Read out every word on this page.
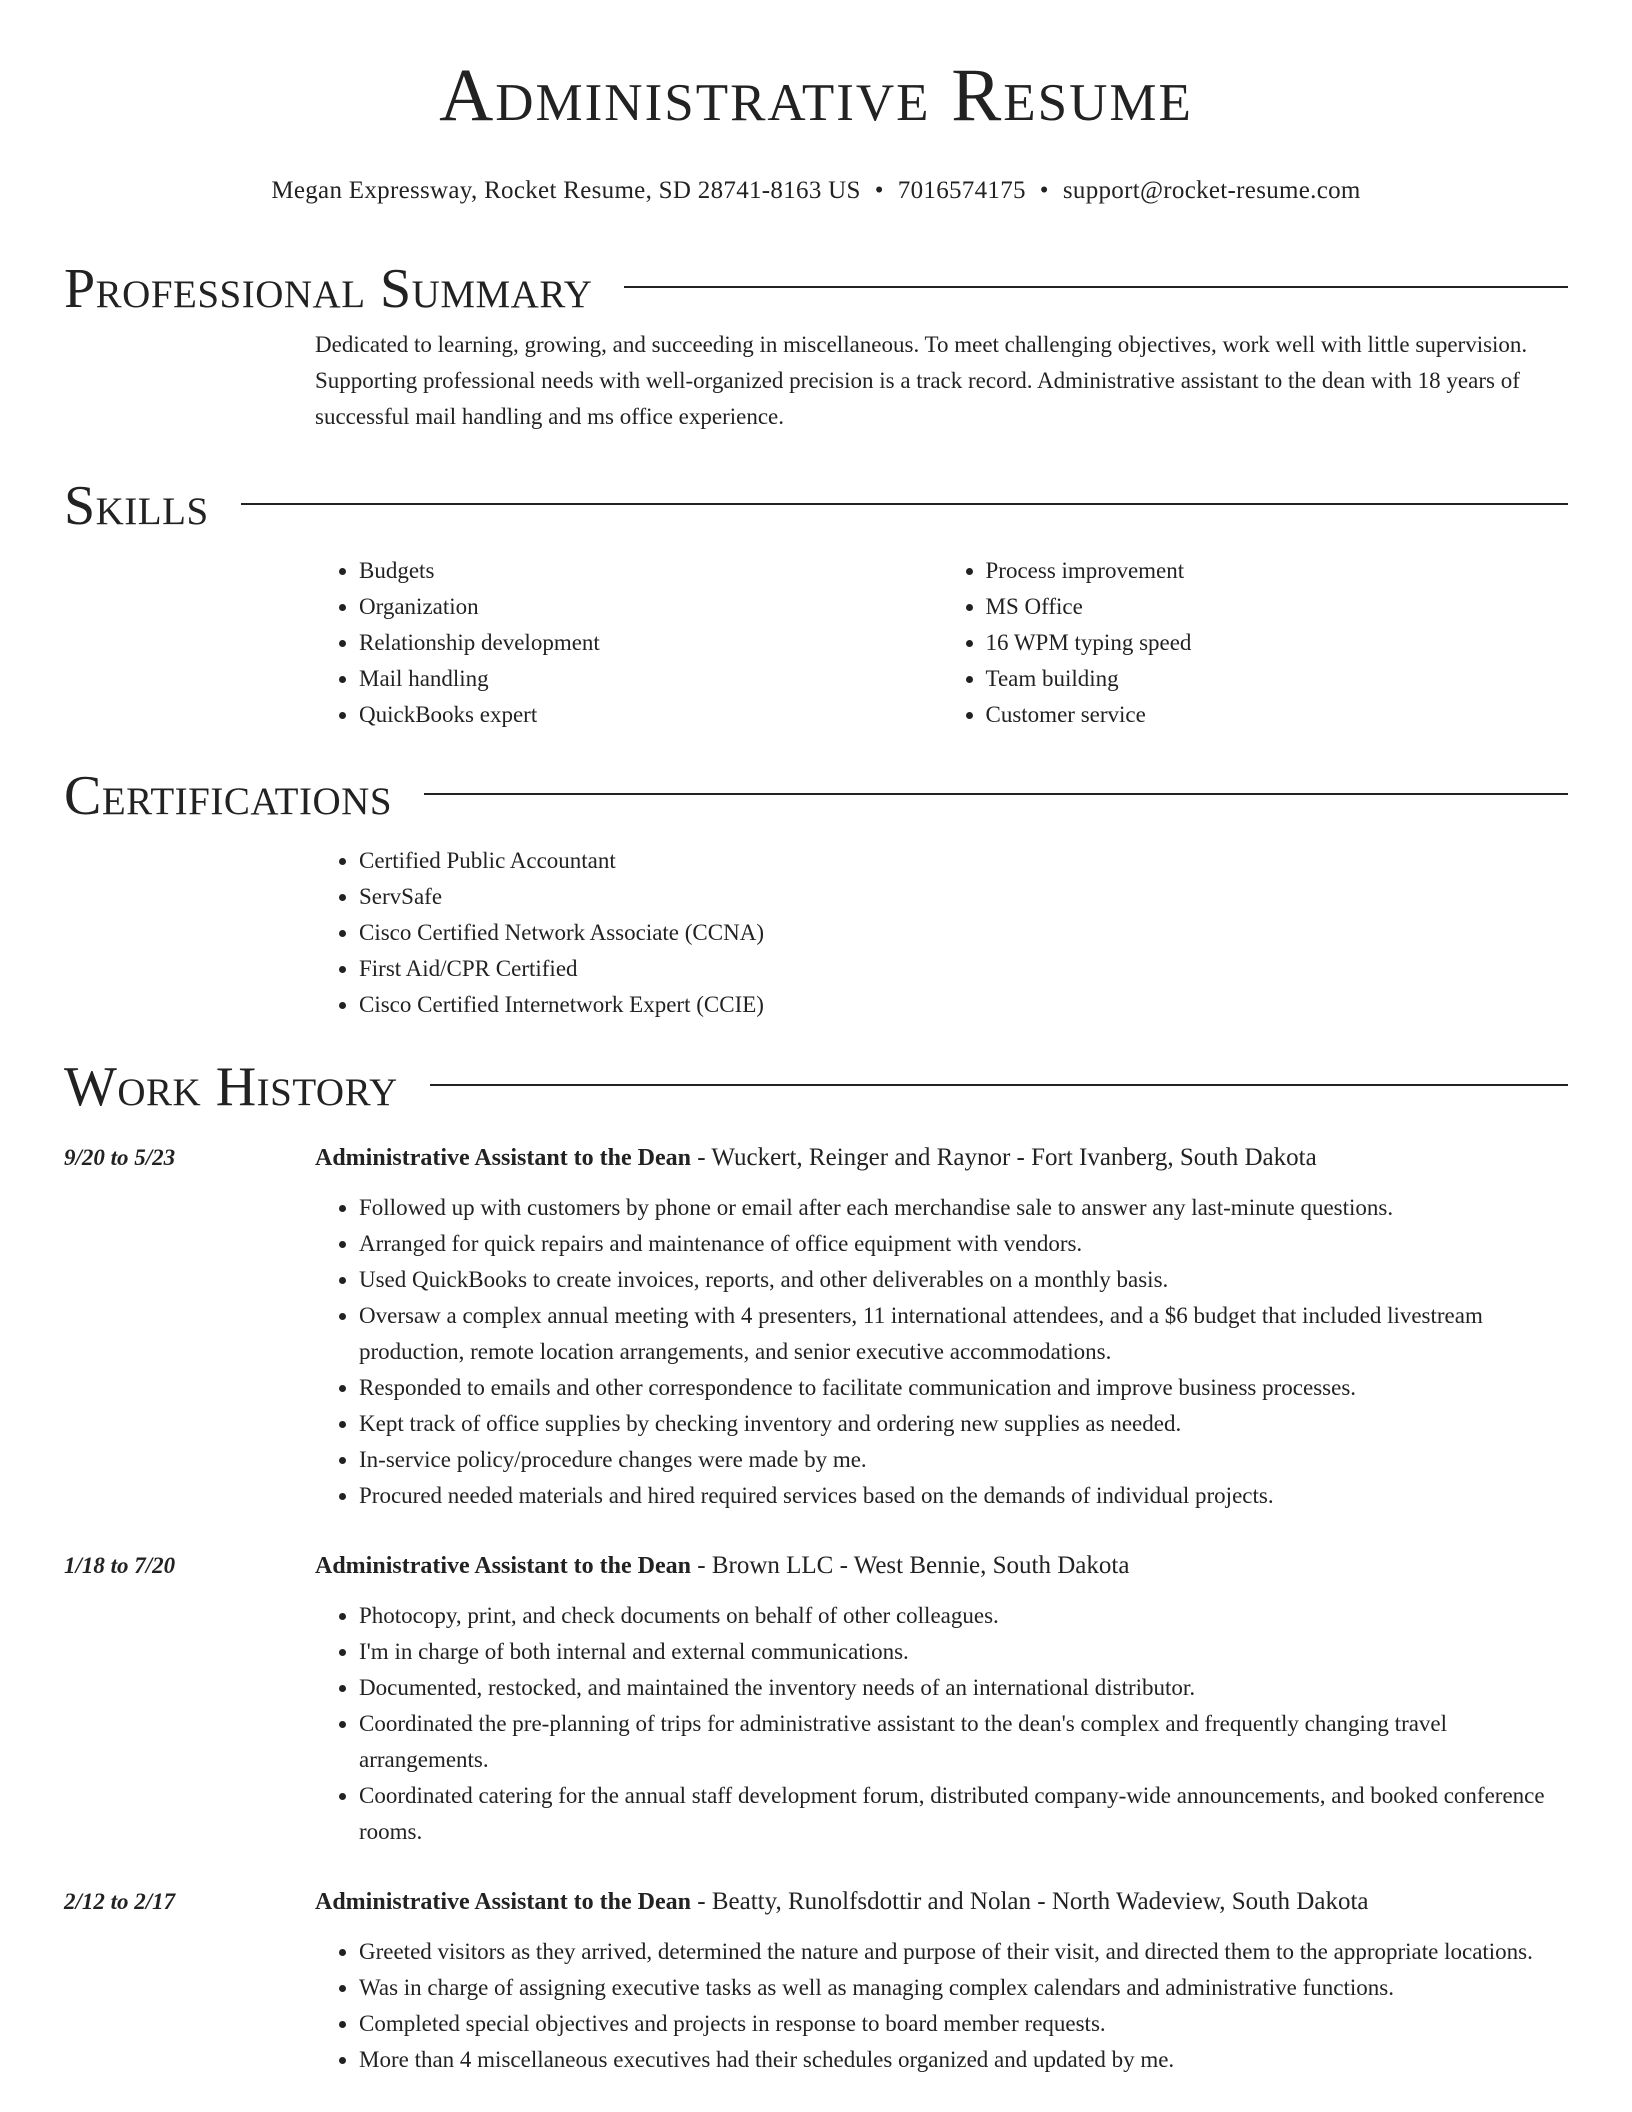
Administrative Resume
Megan Expressway, Rocket Resume, SD 28741-8163 US • 7016574175 • support@rocket-resume.com
Professional Summary

Dedicated to learning, growing, and succeeding in miscellaneous. To meet challenging objectives, work well with little supervision. Supporting professional needs with well-organized precision is a track record. Administrative assistant to the dean with 18 years of successful mail handling and ms office experience.

Skills
• Budgets
• Organization
• Relationship development
• Mail handling
• QuickBooks expert
• Process improvement
• MS Office
• 16 WPM typing speed
• Team building
• Customer service
Certifications
• Certified Public Accountant
• ServSafe
• Cisco Certified Network Associate (CCNA)
• First Aid/CPR Certified
• Cisco Certified Internetwork Expert (CCIE)
Work History
9/20 to 5/23	Administrative Assistant to the Dean - Wuckert, Reinger and Raynor - Fort Ivanberg, South Dakota
• Followed up with customers by phone or email after each merchandise sale to answer any last-minute questions.
• Arranged for quick repairs and maintenance of office equipment with vendors.
• Used QuickBooks to create invoices, reports, and other deliverables on a monthly basis.
• Oversaw a complex annual meeting with 4 presenters, 11 international attendees, and a $6 budget that included livestream production, remote location arrangements, and senior executive accommodations.
• Responded to emails and other correspondence to facilitate communication and improve business processes.
• Kept track of office supplies by checking inventory and ordering new supplies as needed.
• In-service policy/procedure changes were made by me.
• Procured needed materials and hired required services based on the demands of individual projects.
1/18 to 7/20	Administrative Assistant to the Dean - Brown LLC - West Bennie, South Dakota
• Photocopy, print, and check documents on behalf of other colleagues.
• I'm in charge of both internal and external communications.
• Documented, restocked, and maintained the inventory needs of an international distributor.
• Coordinated the pre-planning of trips for administrative assistant to the dean's complex and frequently changing travel arrangements.
• Coordinated catering for the annual staff development forum, distributed company-wide announcements, and booked conference rooms.
2/12 to 2/17	Administrative Assistant to the Dean - Beatty, Runolfsdottir and Nolan - North Wadeview, South Dakota
• Greeted visitors as they arrived, determined the nature and purpose of their visit, and directed them to the appropriate locations.
• Was in charge of assigning executive tasks as well as managing complex calendars and administrative functions.
• Completed special objectives and projects in response to board member requests.
• More than 4 miscellaneous executives had their schedules organized and updated by me.
